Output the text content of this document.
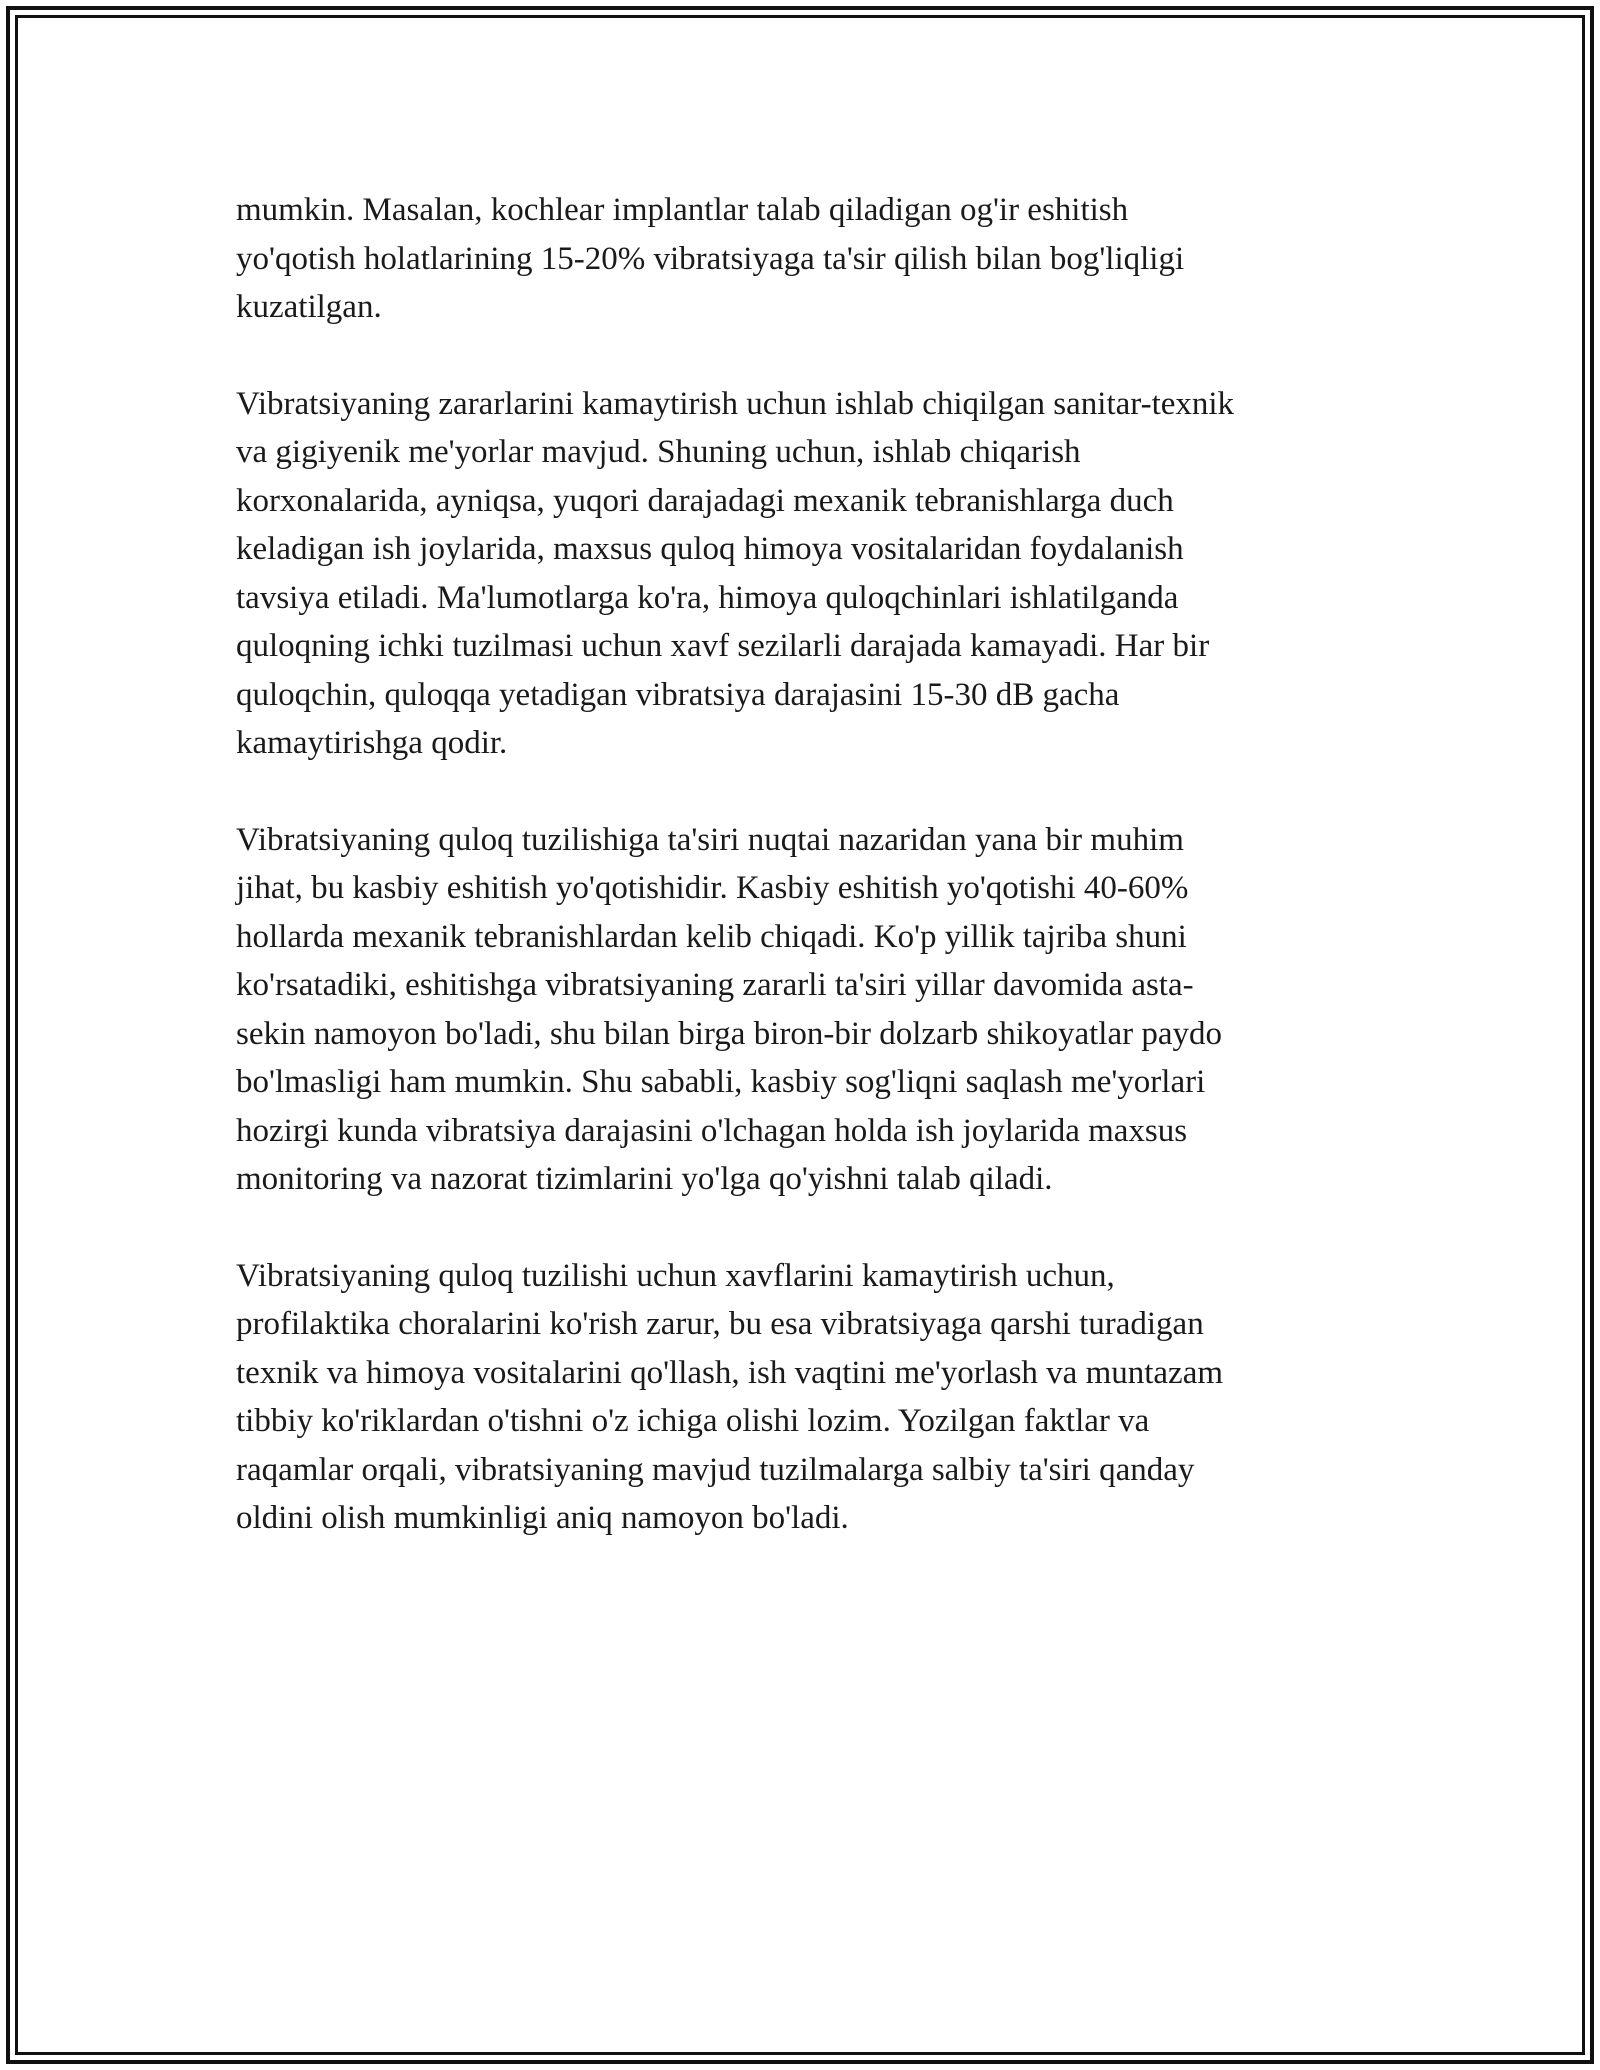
mumkin. Masalan, kochlear implantlar talab qiladigan og'ir eshitish
yo'qotish holatlarining 15-20% vibratsiyaga ta'sir qilish bilan bog'liqligi
kuzatilgan.

Vibratsiyaning zararlarini kamaytirish uchun ishlab chiqilgan sanitar-texnik
va gigiyenik me'yorlar mavjud. Shuning uchun, ishlab chiqarish
korxonalarida, ayniqsa, yuqori darajadagi mexanik tebranishlarga duch
keladigan ish joylarida, maxsus quloq himoya vositalaridan foydalanish
tavsiya etiladi. Ma'lumotlarga ko'ra, himoya quloqchinlari ishlatilganda
quloqning ichki tuzilmasi uchun xavf sezilarli darajada kamayadi. Har bir
quloqchin, quloqqa yetadigan vibratsiya darajasini 15-30 dB gacha
kamaytirishga qodir.

Vibratsiyaning quloq tuzilishiga ta'siri nuqtai nazaridan yana bir muhim
jihat, bu kasbiy eshitish yo'qotishidir. Kasbiy eshitish yo'qotishi 40-60%
hollarda mexanik tebranishlardan kelib chiqadi. Ko'p yillik tajriba shuni
ko'rsatadiki, eshitishga vibratsiyaning zararli ta'siri yillar davomida asta-
sekin namoyon bo'ladi, shu bilan birga biron-bir dolzarb shikoyatlar paydo
bo'lmasligi ham mumkin. Shu sababli, kasbiy sog'liqni saqlash me'yorlari
hozirgi kunda vibratsiya darajasini o'lchagan holda ish joylarida maxsus
monitoring va nazorat tizimlarini yo'lga qo'yishni talab qiladi.

Vibratsiyaning quloq tuzilishi uchun xavflarini kamaytirish uchun,
profilaktika choralarini ko'rish zarur, bu esa vibratsiyaga qarshi turadigan
texnik va himoya vositalarini qo'llash, ish vaqtini me'yorlash va muntazam
tibbiy ko'riklardan o'tishni o'z ichiga olishi lozim. Yozilgan faktlar va
raqamlar orqali, vibratsiyaning mavjud tuzilmalarga salbiy ta'siri qanday
oldini olish mumkinligi aniq namoyon bo'ladi.
